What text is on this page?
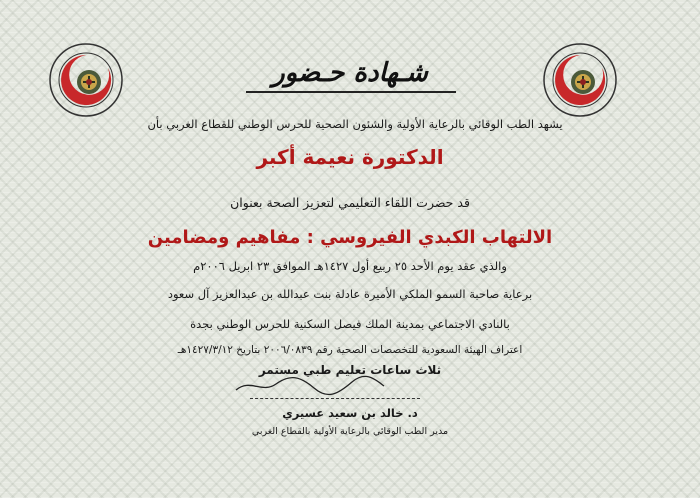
شـهادة حـضور
يشهد الطب الوقائي بالرعاية الأولية والشئون الصحية للحرس الوطني للقطاع الغربي بأن
الدكتورة نعيمة أكبر
قد حضرت اللقاء التعليمي لتعزيز الصحة بعنوان
الالتهاب الكبدي الفيروسي : مفاهيم ومضامين
والذي عقد يوم الأحد ٢٥ ربيع أول ١٤٢٧هـ الموافق ٢٣ ابريل ٢٠٠٦م
برعاية صاحبة السمو الملكي الأميرة عادلة بنت عبدالله بن عبدالعزيز آل سعود
بالنادي الاجتماعي بمدينة الملك فيصل السكنية للحرس الوطني بجدة
اعتراف الهيئة السعودية للتخصصات الصحية رقم ٢٠٠٦/٠٨٣٩ بتاريخ ١٤٢٧/٣/١٢هـ
ثلاث ساعات تعليم طبي مستمر
د. خالد بن سعيد عسيري
مدير الطب الوقائي بالرعاية الأولية بالقطاع الغربي
